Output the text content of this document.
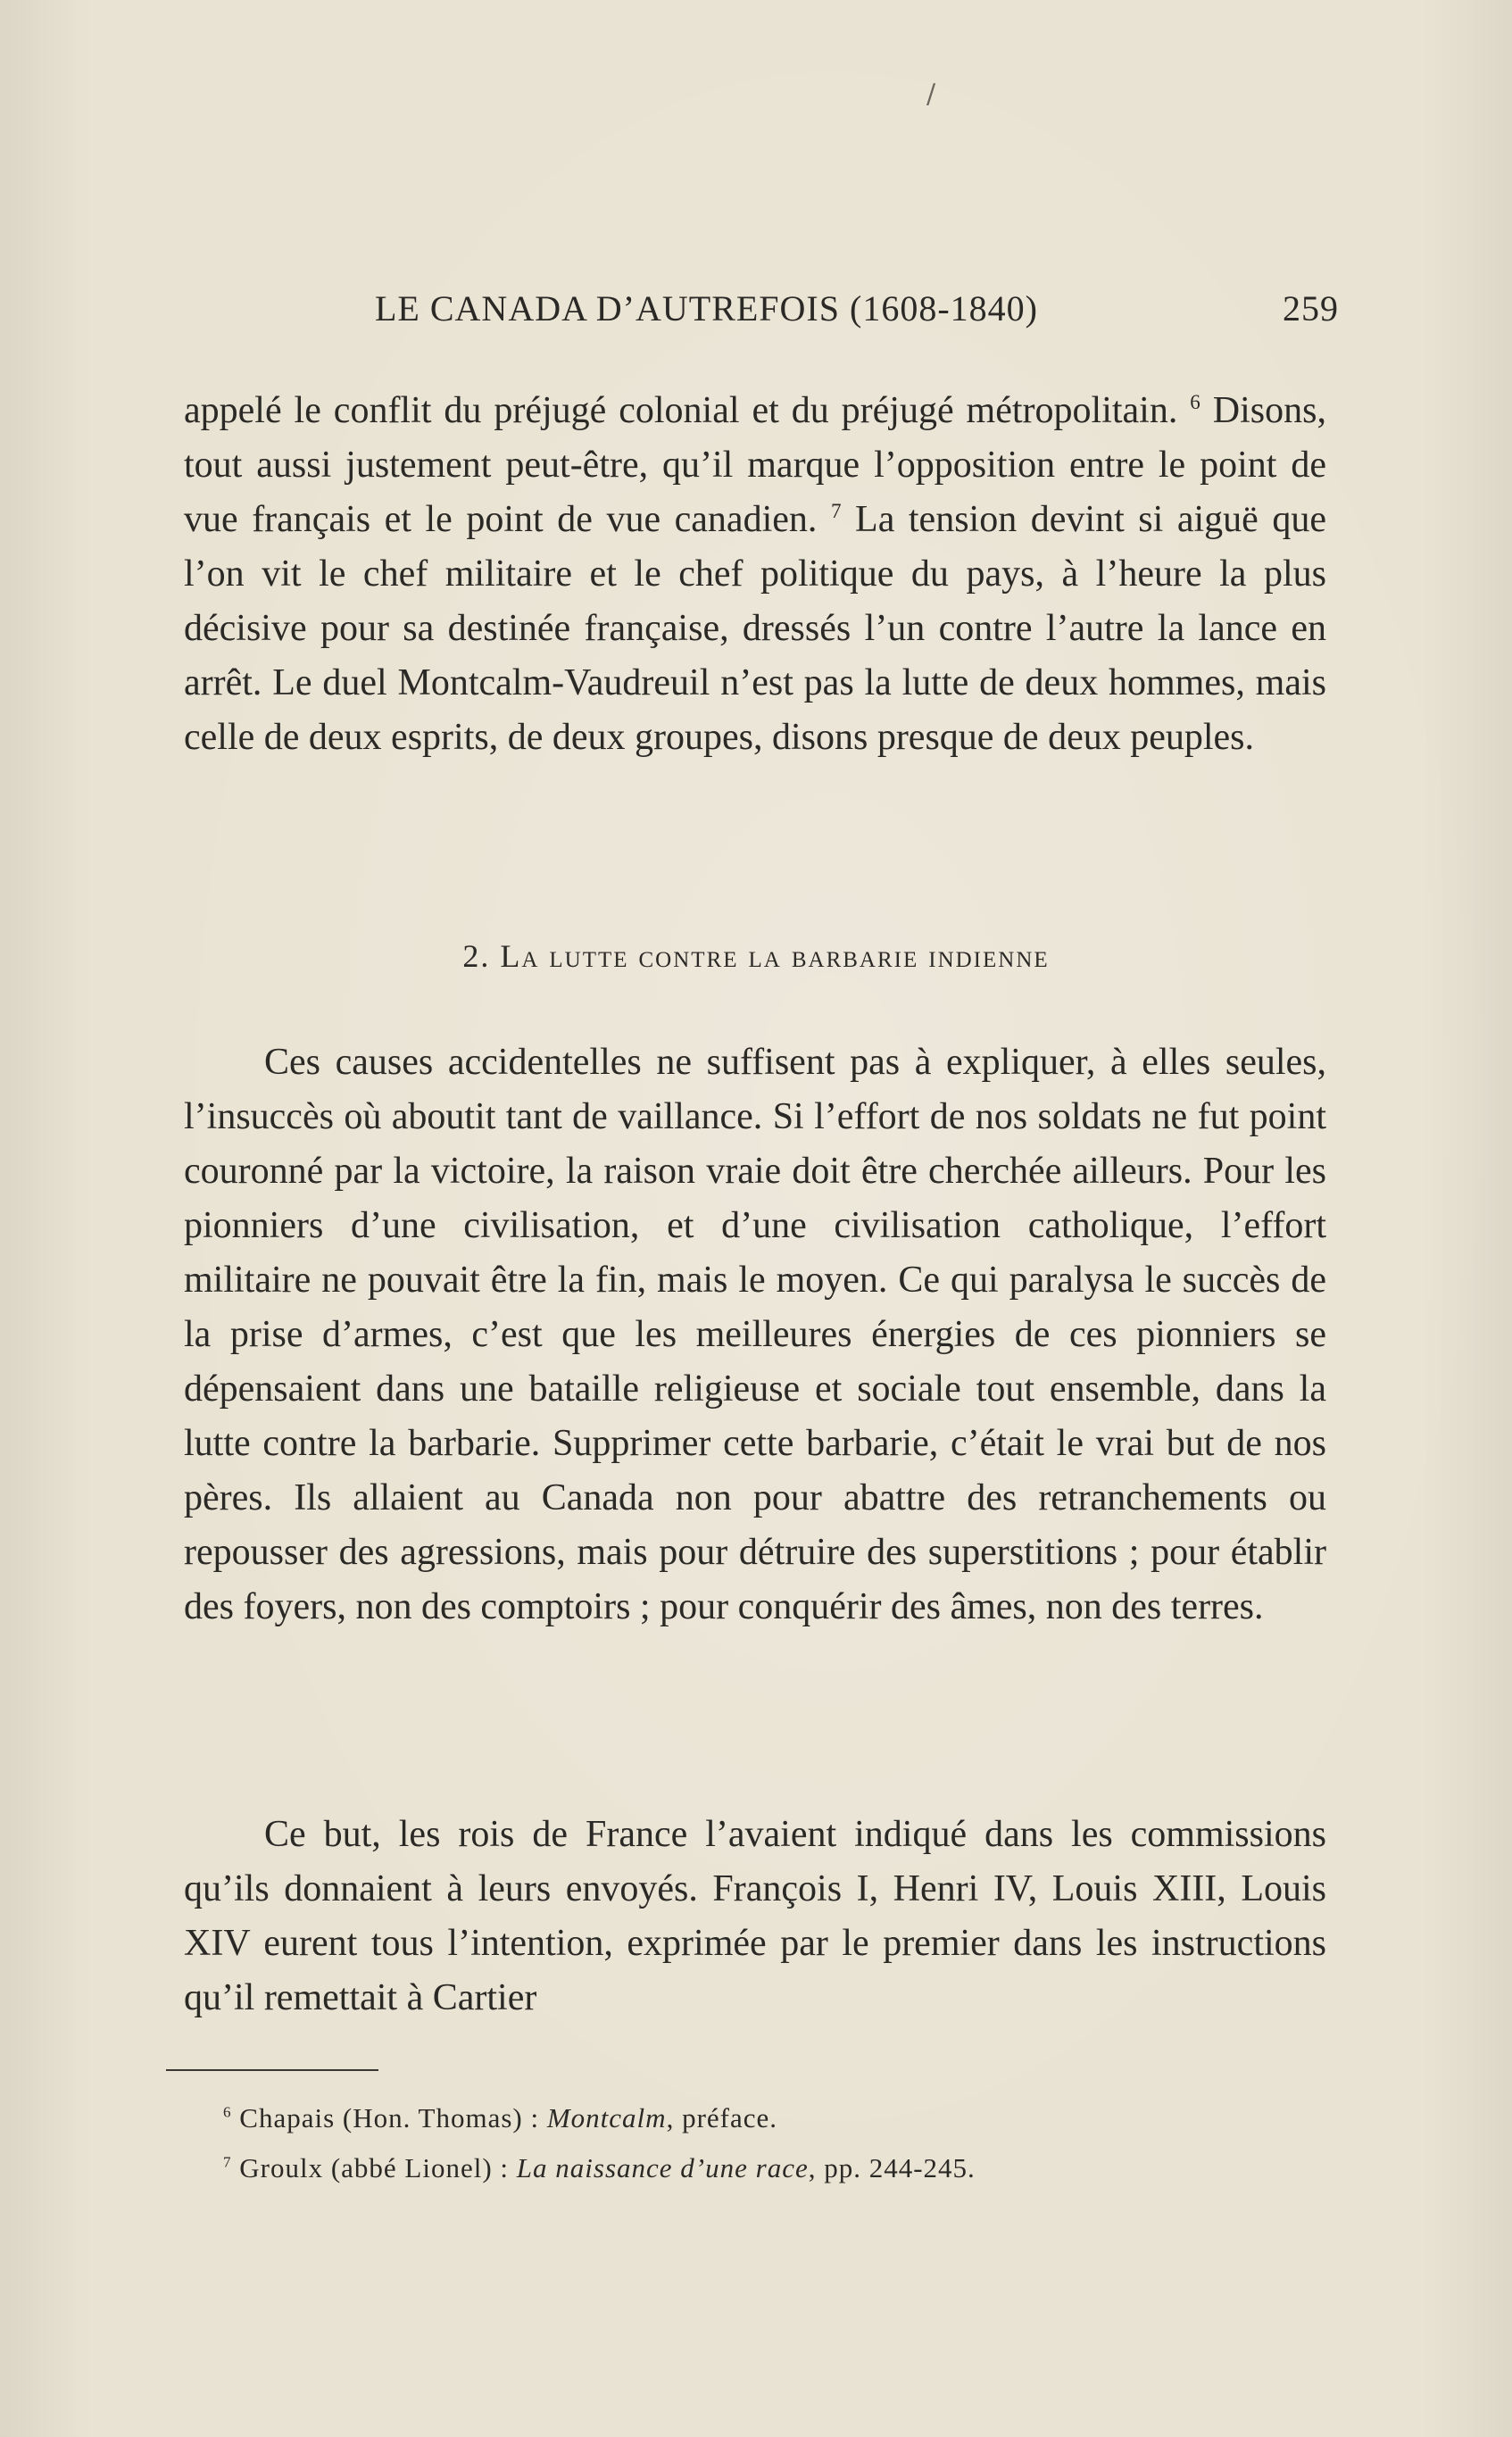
/
LE CANADA D’AUTREFOIS (1608-1840)	259

appelé le conflit du préjugé colonial et du préjugé métropolitain. $^6$ Disons, tout aussi justement peut-être, qu’il marque l’opposition entre le point de vue français et le point de vue canadien. $^7$ La tension devint si aiguë que l’on vit le chef militaire et le chef politique du pays, à l’heure la plus décisive pour sa destinée française, dressés l’un contre l’autre la lance en arrêt. Le duel Montcalm-Vaudreuil n’est pas la lutte de deux hommes, mais celle de deux esprits, de deux groupes, disons presque de deux peuples.

2. La lutte contre la barbarie indienne

Ces causes accidentelles ne suffisent pas à expliquer, à elles seules, l’insuccès où aboutit tant de vaillance. Si l’effort de nos soldats ne fut point couronné par la victoire, la raison vraie doit être cherchée ailleurs. Pour les pionniers d’une civilisation, et d’une civilisation catholique, l’effort militaire ne pouvait être la fin, mais le moyen. Ce qui paralysa le succès de la prise d’armes, c’est que les meilleures énergies de ces pionniers se dépensaient dans une bataille religieuse et sociale tout ensemble, dans la lutte contre la barbarie. Supprimer cette barbarie, c’était le vrai but de nos pères. Ils allaient au Canada non pour abattre des retranchements ou repousser des agressions, mais pour détruire des superstitions ; pour établir des foyers, non des comptoirs ; pour conquérir des âmes, non des terres.

Ce but, les rois de France l’avaient indiqué dans les commissions qu’ils donnaient à leurs envoyés. François I, Henri IV, Louis XIII, Louis XIV eurent tous l’intention, exprimée par le premier dans les instructions qu’il remettait à Cartier

$^6$ Chapais (Hon. Thomas) : Montcalm, préface.
$^7$ Groulx (abbé Lionel) : La naissance d’une race, pp. 244-245.
